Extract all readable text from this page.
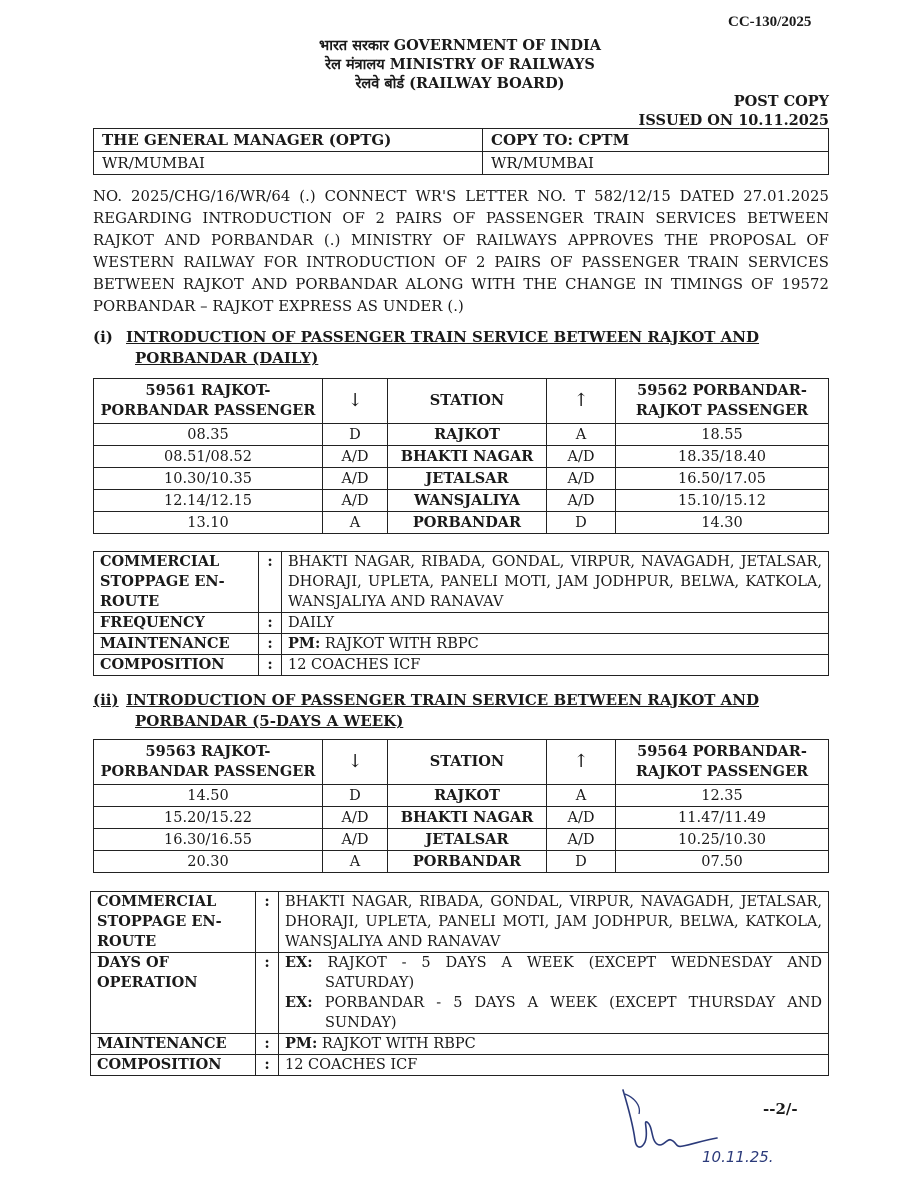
CC-130/2025
भारत सरकार GOVERNMENT OF INDIA
रेल मंत्रालय MINISTRY OF RAILWAYS
रेलवे बोर्ड (RAILWAY BOARD)
POST COPY
ISSUED ON 10.11.2025
THE GENERAL MANAGER (OPTG)	COPY TO: CPTM
WR/MUMBAI	WR/MUMBAI
NO. 2025/CHG/16/WR/64 (.) CONNECT WR'S LETTER NO. T 582/12/15 DATED 27.01.2025 REGARDING INTRODUCTION OF 2 PAIRS OF PASSENGER TRAIN SERVICES BETWEEN RAJKOT AND PORBANDAR (.) MINISTRY OF RAILWAYS APPROVES THE PROPOSAL OF WESTERN RAILWAY FOR INTRODUCTION OF 2 PAIRS OF PASSENGER TRAIN SERVICES BETWEEN RAJKOT AND PORBANDAR ALONG WITH THE CHANGE IN TIMINGS OF 19572 PORBANDAR – RAJKOT EXPRESS AS UNDER (.)
(i) INTRODUCTION OF PASSENGER TRAIN SERVICE BETWEEN RAJKOT AND
PORBANDAR (DAILY)
59561 RAJKOT-PORBANDAR PASSENGER	↓	STATION	↑	59562 PORBANDAR-RAJKOT PASSENGER
08.35	D	RAJKOT	A	18.55
08.51/08.52	A/D	BHAKTI NAGAR	A/D	18.35/18.40
10.30/10.35	A/D	JETALSAR	A/D	16.50/17.05
12.14/12.15	A/D	WANSJALIYA	A/D	15.10/15.12
13.10	A	PORBANDAR	D	14.30
COMMERCIAL STOPPAGE EN-ROUTE	:	BHAKTI NAGAR, RIBADA, GONDAL, VIRPUR, NAVAGADH, JETALSAR, DHORAJI, UPLETA, PANELI MOTI, JAM JODHPUR, BELWA, KATKOLA, WANSJALIYA AND RANAVAV
FREQUENCY	:	DAILY
MAINTENANCE	:	PM: RAJKOT WITH RBPC
COMPOSITION	:	12 COACHES ICF
(ii) INTRODUCTION OF PASSENGER TRAIN SERVICE BETWEEN RAJKOT AND
PORBANDAR (5-DAYS A WEEK)
59563 RAJKOT-PORBANDAR PASSENGER	↓	STATION	↑	59564 PORBANDAR-RAJKOT PASSENGER
14.50	D	RAJKOT	A	12.35
15.20/15.22	A/D	BHAKTI NAGAR	A/D	11.47/11.49
16.30/16.55	A/D	JETALSAR	A/D	10.25/10.30
20.30	A	PORBANDAR	D	07.50
COMMERCIAL STOPPAGE EN-ROUTE	:	BHAKTI NAGAR, RIBADA, GONDAL, VIRPUR, NAVAGADH, JETALSAR, DHORAJI, UPLETA, PANELI MOTI, JAM JODHPUR, BELWA, KATKOLA, WANSJALIYA AND RANAVAV
DAYS OF OPERATION	:	EX: RAJKOT - 5 DAYS A WEEK (EXCEPT WEDNESDAY AND SATURDAY)
EX: PORBANDAR - 5 DAYS A WEEK (EXCEPT THURSDAY AND SUNDAY)

MAINTENANCE	:	PM: RAJKOT WITH RBPC
COMPOSITION	:	12 COACHES ICF
--2/-
10.11.25.
